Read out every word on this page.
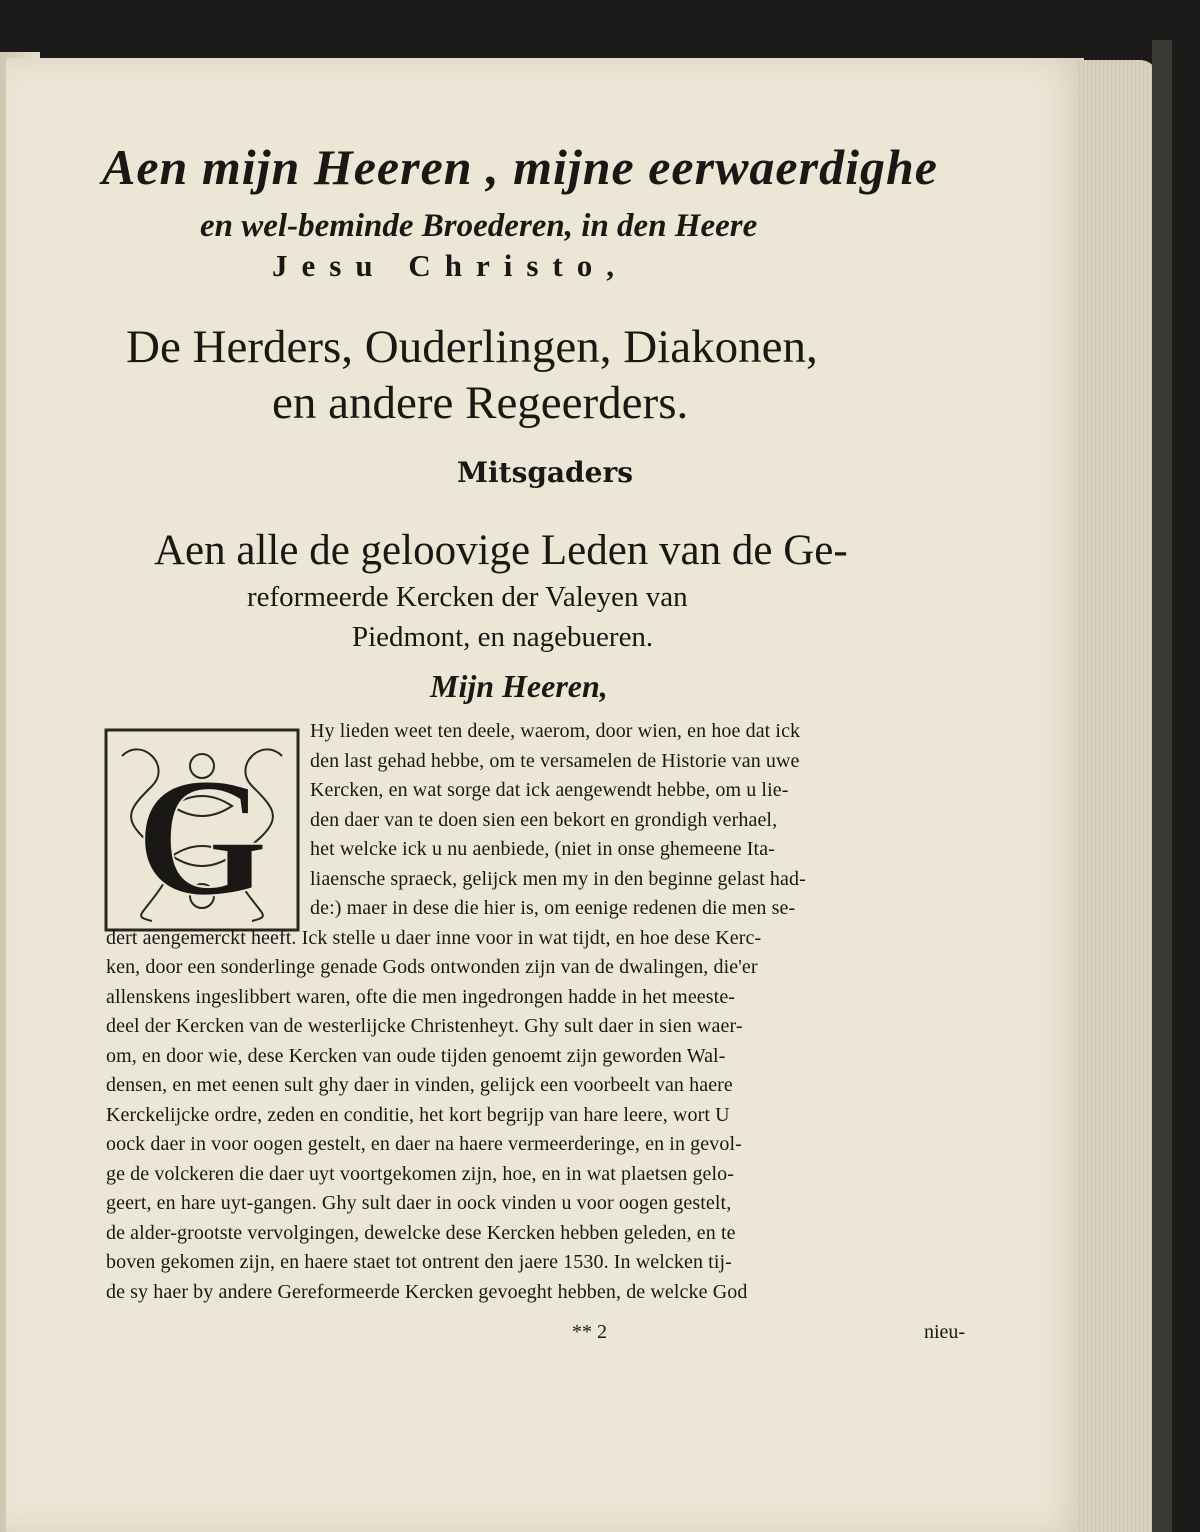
Aen mijn Heeren , mijne eerwaerdighe
en wel-beminde Broederen, in den Heere
Jesu Christo,
De Herders, Ouderlingen, Diakonen,
en andere Regeerders.
Mitsgaders
Aen alle de geloovige Leden van de Ge-
reformeerde Kercken der Valeyen van
Piedmont, en nagebueren.
Mijn Heeren,
G
Hy lieden weet ten deele, waerom, door wien, en hoe dat ick
den last gehad hebbe, om te versamelen de Historie van uwe
Kercken, en wat sorge dat ick aengewendt hebbe, om u lie-
den daer van te doen sien een bekort en grondigh verhael,
het welcke ick u nu aenbiede, (niet in onse ghemeene Ita-
liaensche spraeck, gelijck men my in den beginne gelast had-
de:) maer in dese die hier is, om eenige redenen die men se-
dert aengemerckt heeft. Ick stelle u daer inne voor in wat tijdt, en hoe dese Kerc-
ken, door een sonderlinge genade Gods ontwonden zijn van de dwalingen, die'er
allenskens ingeslibbert waren, ofte die men ingedrongen hadde in het meeste-
deel der Kercken van de westerlijcke Christenheyt. Ghy sult daer in sien waer-
om, en door wie, dese Kercken van oude tijden genoemt zijn geworden Wal-
densen, en met eenen sult ghy daer in vinden, gelijck een voorbeelt van haere
Kerckelijcke ordre, zeden en conditie, het kort begrijp van hare leere, wort U
oock daer in voor oogen gestelt, en daer na haere vermeerderinge, en in gevol-
ge de volckeren die daer uyt voortgekomen zijn, hoe, en in wat plaetsen gelo-
geert, en hare uyt-gangen. Ghy sult daer in oock vinden u voor oogen gestelt,
de alder-grootste vervolgingen, dewelcke dese Kercken hebben geleden, en te
boven gekomen zijn, en haere staet tot ontrent den jaere 1530. In welcken tij-
de sy haer by andere Gereformeerde Kercken gevoeght hebben, de welcke God
** 2	nieu-
